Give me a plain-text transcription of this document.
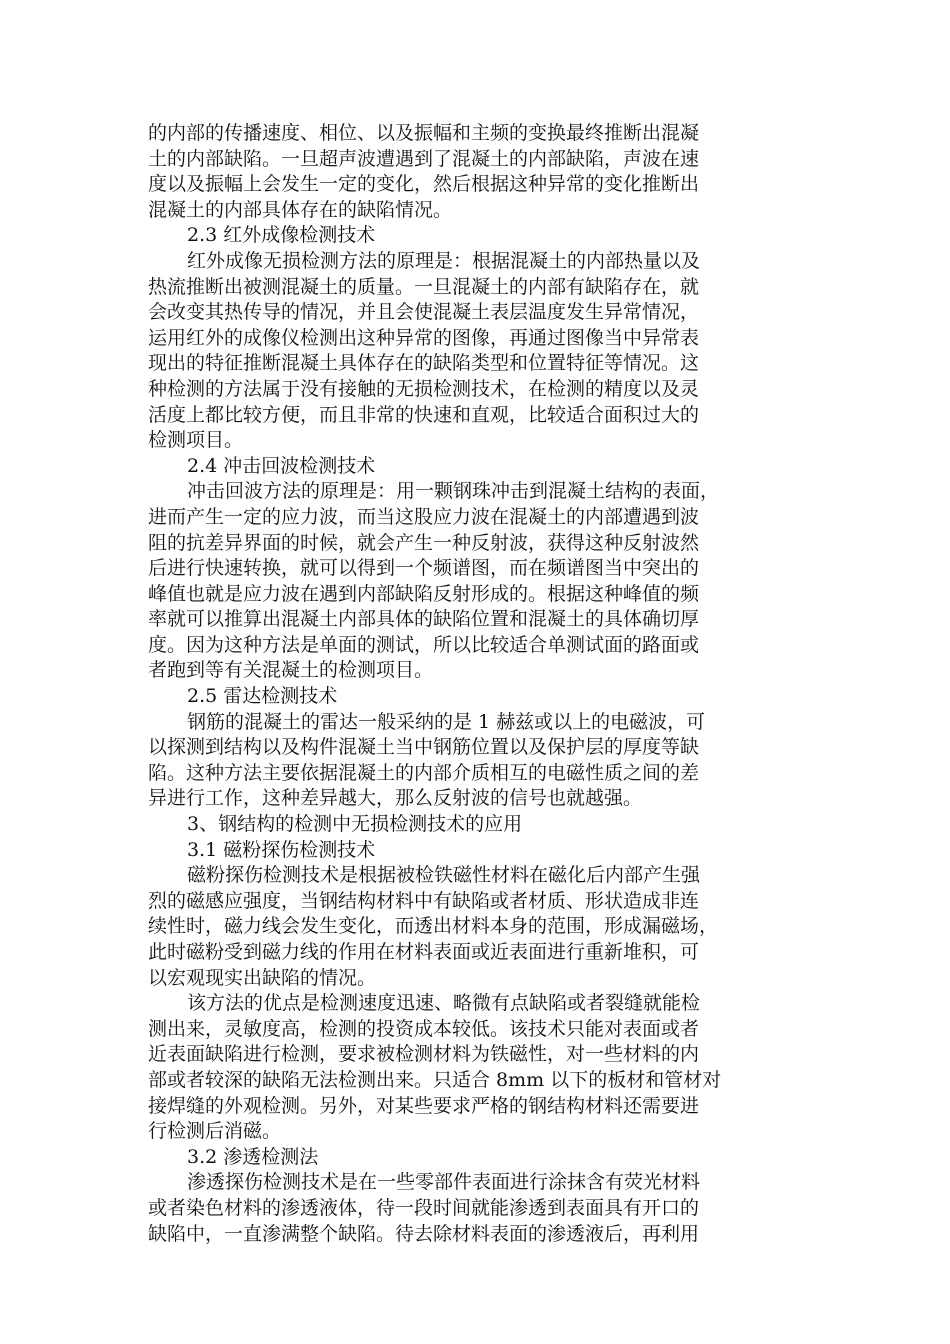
的内部的传播速度、相位、以及振幅和主频的变换最终推断出混凝
土的内部缺陷。一旦超声波遭遇到了混凝土的内部缺陷，声波在速
度以及振幅上会发生一定的变化，然后根据这种异常的变化推断出
混凝土的内部具体存在的缺陷情况。
2.3 红外成像检测技术
红外成像无损检测方法的原理是：根据混凝土的内部热量以及
热流推断出被测混凝土的质量。一旦混凝土的内部有缺陷存在，就
会改变其热传导的情况，并且会使混凝土表层温度发生异常情况，
运用红外的成像仪检测出这种异常的图像，再通过图像当中异常表
现出的特征推断混凝土具体存在的缺陷类型和位置特征等情况。这
种检测的方法属于没有接触的无损检测技术，在检测的精度以及灵
活度上都比较方便，而且非常的快速和直观，比较适合面积过大的
检测项目。
2.4 冲击回波检测技术
冲击回波方法的原理是：用一颗钢珠冲击到混凝土结构的表面，
进而产生一定的应力波，而当这股应力波在混凝土的内部遭遇到波
阻的抗差异界面的时候，就会产生一种反射波，获得这种反射波然
后进行快速转换，就可以得到一个频谱图，而在频谱图当中突出的
峰值也就是应力波在遇到内部缺陷反射形成的。根据这种峰值的频
率就可以推算出混凝土内部具体的缺陷位置和混凝土的具体确切厚
度。因为这种方法是单面的测试，所以比较适合单测试面的路面或
者跑到等有关混凝土的检测项目。
2.5 雷达检测技术
钢筋的混凝土的雷达一般采纳的是 1 赫兹或以上的电磁波，可
以探测到结构以及构件混凝土当中钢筋位置以及保护层的厚度等缺
陷。这种方法主要依据混凝土的内部介质相互的电磁性质之间的差
异进行工作，这种差异越大，那么反射波的信号也就越强。
3、钢结构的检测中无损检测技术的应用
3.1 磁粉探伤检测技术
磁粉探伤检测技术是根据被检铁磁性材料在磁化后内部产生强
烈的磁感应强度，当钢结构材料中有缺陷或者材质、形状造成非连
续性时，磁力线会发生变化，而透出材料本身的范围，形成漏磁场，
此时磁粉受到磁力线的作用在材料表面或近表面进行重新堆积，可
以宏观现实出缺陷的情况。
该方法的优点是检测速度迅速、略微有点缺陷或者裂缝就能检
测出来，灵敏度高，检测的投资成本较低。该技术只能对表面或者
近表面缺陷进行检测，要求被检测材料为铁磁性，对一些材料的内
部或者较深的缺陷无法检测出来。只适合 8mm 以下的板材和管材对
接焊缝的外观检测。另外，对某些要求严格的钢结构材料还需要进
行检测后消磁。
3.2 渗透检测法
渗透探伤检测技术是在一些零部件表面进行涂抹含有荧光材料
或者染色材料的渗透液体，待一段时间就能渗透到表面具有开口的
缺陷中，一直渗满整个缺陷。待去除材料表面的渗透液后，再利用
